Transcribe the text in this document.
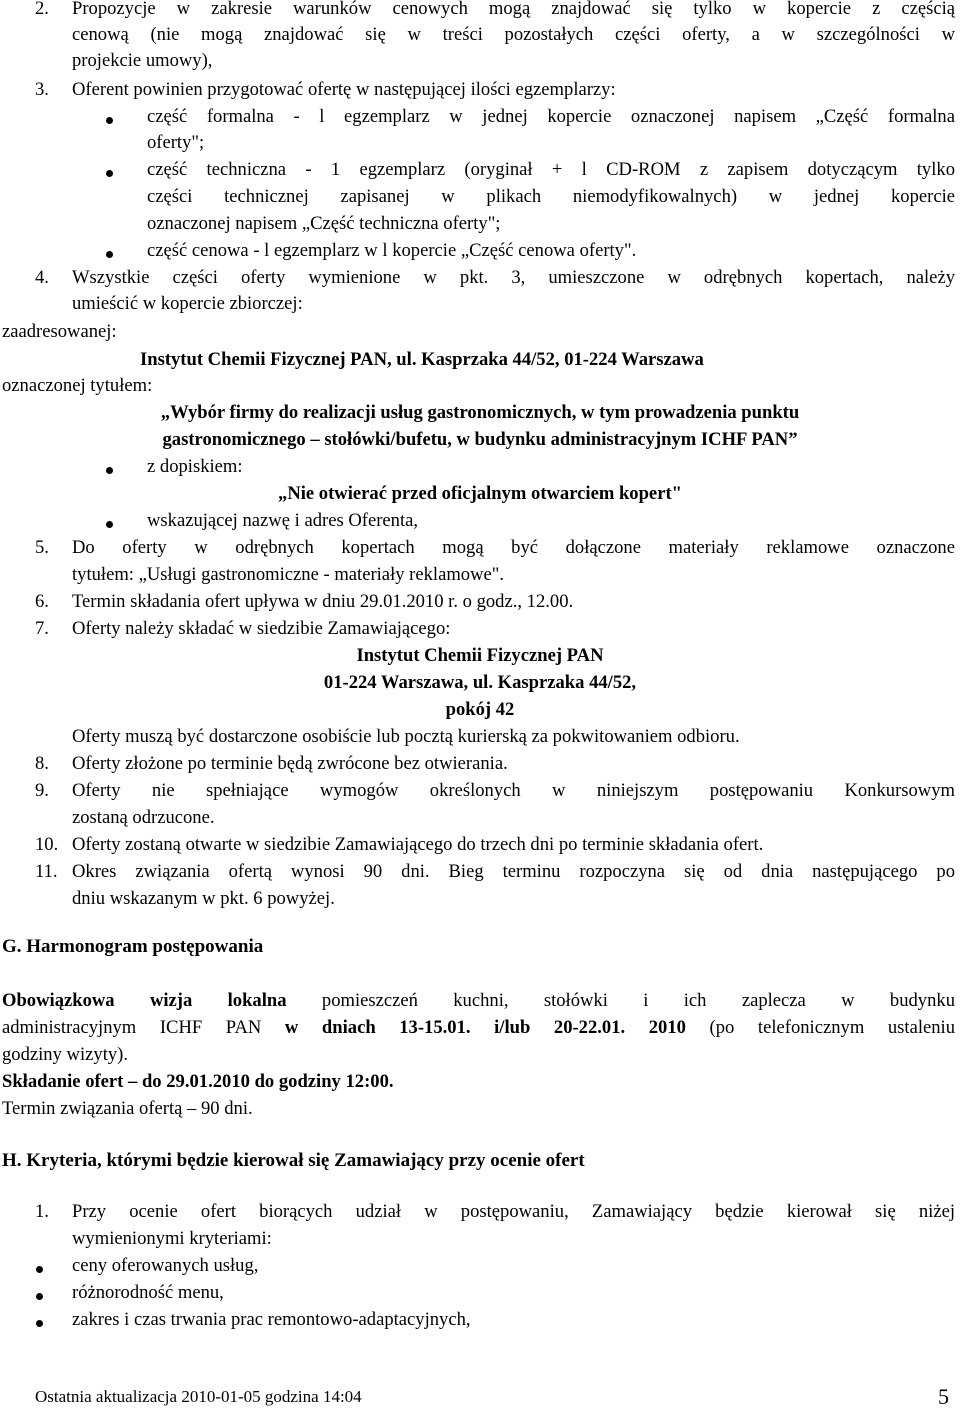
2. Propozycje w zakresie warunków cenowych mogą znajdować się tylko w kopercie z częścią
cenową (nie mogą znajdować się w treści pozostałych części oferty, a w szczególności w
projekcie umowy),
3. Oferent powinien przygotować ofertę w następującej ilości egzemplarzy:
część formalna - l egzemplarz w jednej kopercie oznaczonej napisem „Część formalna
oferty";
część techniczna - 1 egzemplarz (oryginał + l CD-ROM z zapisem dotyczącym tylko
części technicznej zapisanej w plikach niemodyfikowalnych) w jednej kopercie
oznaczonej napisem „Część techniczna oferty";
część cenowa - l egzemplarz w l kopercie „Część cenowa oferty".
4. Wszystkie części oferty wymienione w pkt. 3, umieszczone w odrębnych kopertach, należy
umieścić w kopercie zbiorczej:
zaadresowanej:
Instytut Chemii Fizycznej PAN, ul. Kasprzaka 44/52, 01-224 Warszawa
oznaczonej tytułem:
„Wybór firmy do realizacji usług gastronomicznych, w tym prowadzenia punktu
gastronomicznego – stołówki/bufetu, w budynku administracyjnym ICHF PAN”
z dopiskiem:
„Nie otwierać przed oficjalnym otwarciem kopert"
wskazującej nazwę i adres Oferenta,
5. Do oferty w odrębnych kopertach mogą być dołączone materiały reklamowe oznaczone
tytułem: „Usługi gastronomiczne - materiały reklamowe".
6. Termin składania ofert upływa w dniu 29.01.2010 r. o godz., 12.00.
7. Oferty należy składać w siedzibie Zamawiającego:
Instytut Chemii Fizycznej PAN
01-224 Warszawa, ul. Kasprzaka 44/52,
pokój 42
Oferty muszą być dostarczone osobiście lub pocztą kurierską za pokwitowaniem odbioru.
8. Oferty złożone po terminie będą zwrócone bez otwierania.
9. Oferty nie spełniające wymogów określonych w niniejszym postępowaniu Konkursowym
zostaną odrzucone.
10. Oferty zostaną otwarte w siedzibie Zamawiającego do trzech dni po terminie składania ofert.
11. Okres związania ofertą wynosi 90 dni. Bieg terminu rozpoczyna się od dnia następującego po
dniu wskazanym w pkt. 6 powyżej.
G. Harmonogram postępowania
Obowiązkowa wizja lokalna pomieszczeń kuchni, stołówki i ich zaplecza w budynku
administracyjnym ICHF PAN w dniach 13-15.01. i/lub 20-22.01. 2010 (po telefonicznym ustaleniu
godziny wizyty).
Składanie ofert – do 29.01.2010 do godziny 12:00.
Termin związania ofertą – 90 dni.
H. Kryteria, którymi będzie kierował się Zamawiający przy ocenie ofert
1. Przy ocenie ofert biorących udział w postępowaniu, Zamawiający będzie kierował się niżej
wymienionymi kryteriami:
ceny oferowanych usług,
różnorodność menu,
zakres i czas trwania prac remontowo-adaptacyjnych,
Ostatnia aktualizacja 2010-01-05 godzina 14:04	5
